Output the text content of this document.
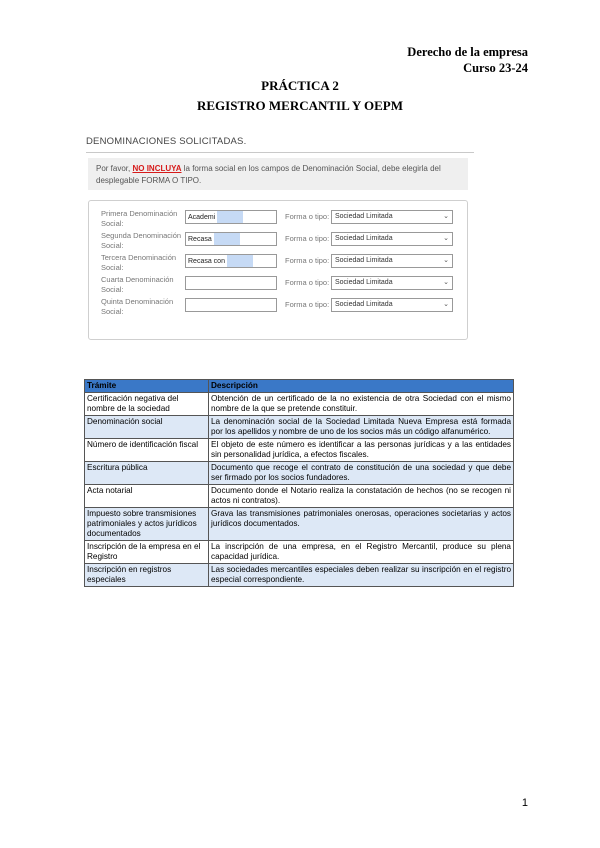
Derecho de la empresa
Curso 23-24
PRÁCTICA 2
REGISTRO MERCANTIL Y OEPM
DENOMINACIONES SOLICITADAS.
Por favor, NO INCLUYA la forma social en los campos de Denominación Social, debe elegirla del desplegable FORMA O TIPO.
Primera Denominación Social:
Academi	Forma o tipo: Sociedad Limitada	⌄
Segunda Denominación Social:
Recasa	Forma o tipo: Sociedad Limitada	⌄
Tercera Denominación Social:
Recasa con	Forma o tipo: Sociedad Limitada	⌄
Cuarta Denominación Social:
Forma o tipo: Sociedad Limitada	⌄
Quinta Denominación Social:
Forma o tipo: Sociedad Limitada	⌄
Trámite	Descripción
Certificación negativa del nombre de la sociedad	Obtención de un certificado de la no existencia de otra Sociedad con el mismo nombre de la que se pretende constituir.
Denominación social	La denominación social de la Sociedad Limitada Nueva Empresa está formada por los apellidos y nombre de uno de los socios más un código alfanumérico.
Número de identificación fiscal	El objeto de este número es identificar a las personas jurídicas y a las entidades sin personalidad jurídica, a efectos fiscales.
Escritura pública	Documento que recoge el contrato de constitución de una sociedad y que debe ser firmado por los socios fundadores.
Acta notarial	Documento donde el Notario realiza la constatación de hechos (no se recogen ni actos ni contratos).
Impuesto sobre transmisiones patrimoniales y actos jurídicos documentados	Grava las transmisiones patrimoniales onerosas, operaciones societarias y actos jurídicos documentados.
Inscripción de la empresa en el Registro	La inscripción de una empresa, en el Registro Mercantil, produce su plena capacidad jurídica.
Inscripción en registros especiales	Las sociedades mercantiles especiales deben realizar su inscripción en el registro especial correspondiente.
1
